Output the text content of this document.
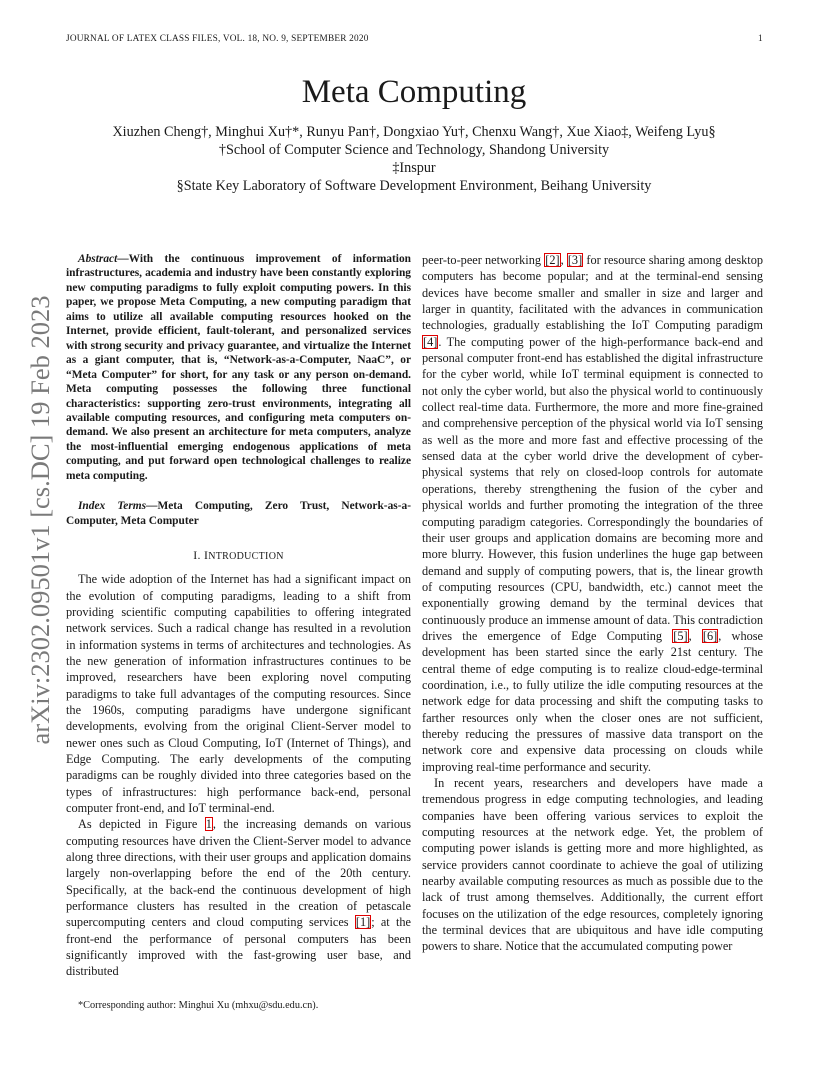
JOURNAL OF LATEX CLASS FILES, VOL. 18, NO. 9, SEPTEMBER 2020	1
arXiv:2302.09501v1 [cs.DC] 19 Feb 2023
Meta Computing
Xiuzhen Cheng†, Minghui Xu†*, Runyu Pan†, Dongxiao Yu†, Chenxu Wang†, Xue Xiao‡, Weifeng Lyu§
†School of Computer Science and Technology, Shandong University
‡Inspur
§State Key Laboratory of Software Development Environment, Beihang University

Abstract—With the continuous improvement of information infrastructures, academia and industry have been constantly exploring new computing paradigms to fully exploit computing powers. In this paper, we propose Meta Computing, a new computing paradigm that aims to utilize all available computing resources hooked on the Internet, provide efficient, fault-tolerant, and personalized services with strong security and privacy guarantee, and virtualize the Internet as a giant computer, that is, “Network-as-a-Computer, NaaC”, or “Meta Computer” for short, for any task or any person on-demand. Meta computing possesses the following three functional characteristics: supporting zero-trust environments, integrating all available computing resources, and configuring meta computers on-demand. We also present an architecture for meta computers, analyze the most-influential emerging endogenous applications of meta computing, and put forward open technological challenges to realize meta computing.

Index Terms—Meta Computing, Zero Trust, Network-as-a-Computer, Meta Computer

I. INTRODUCTION

The wide adoption of the Internet has had a significant impact on the evolution of computing paradigms, leading to a shift from providing scientific computing capabilities to offering integrated network services. Such a radical change has resulted in a revolution in information systems in terms of architectures and technologies. As the new generation of information infrastructures continues to be improved, researchers have been exploring novel computing paradigms to take full advantages of the computing resources. Since the 1960s, computing paradigms have undergone significant developments, evolving from the original Client-Server model to newer ones such as Cloud Computing, IoT (Internet of Things), and Edge Computing. The early developments of the computing paradigms can be roughly divided into three categories based on the types of infrastructures: high performance back-end, personal computer front-end, and IoT terminal-end.

As depicted in Figure 1, the increasing demands on various computing resources have driven the Client-Server model to advance along three directions, with their user groups and application domains largely non-overlapping before the end of the 20th century. Specifically, at the back-end the continuous development of high performance clusters has resulted in the creation of petascale supercomputing centers and cloud computing services [1]; at the front-end the performance of personal computers has been significantly improved with the fast-growing user base, and distributed

peer-to-peer networking [2], [3] for resource sharing among desktop computers has become popular; and at the terminal-end sensing devices have become smaller and smaller in size and larger and larger in quantity, facilitated with the advances in communication technologies, gradually establishing the IoT Computing paradigm [4]. The computing power of the high-performance back-end and personal computer front-end has established the digital infrastructure for the cyber world, while IoT terminal equipment is connected to not only the cyber world, but also the physical world to continuously collect real-time data. Furthermore, the more and more fine-grained and comprehensive perception of the physical world via IoT sensing as well as the more and more fast and effective processing of the sensed data at the cyber world drive the development of cyber-physical systems that rely on closed-loop controls for automate operations, thereby strengthening the fusion of the cyber and physical worlds and further promoting the integration of the three computing paradigm categories. Correspondingly the boundaries of their user groups and application domains are becoming more and more blurry. However, this fusion underlines the huge gap between demand and supply of computing powers, that is, the linear growth of computing resources (CPU, bandwidth, etc.) cannot meet the exponentially growing demand by the terminal devices that continuously produce an immense amount of data. This contradiction drives the emergence of Edge Computing [5], [6], whose development has been started since the early 21st century. The central theme of edge computing is to realize cloud-edge-terminal coordination, i.e., to fully utilize the idle computing resources at the network edge for data processing and shift the computing tasks to farther resources only when the closer ones are not sufficient, thereby reducing the pressures of massive data transport on the network core and expensive data processing on clouds while improving real-time performance and security.

In recent years, researchers and developers have made a tremendous progress in edge computing technologies, and leading companies have been offering various services to exploit the computing resources at the network edge. Yet, the problem of computing power islands is getting more and more highlighted, as service providers cannot coordinate to achieve the goal of utilizing nearby available computing resources as much as possible due to the lack of trust among themselves. Additionally, the current effort focuses on the utilization of the edge resources, completely ignoring the terminal devices that are ubiquitous and have idle computing powers to share. Notice that the accumulated computing power

*Corresponding author: Minghui Xu (mhxu@sdu.edu.cn).
